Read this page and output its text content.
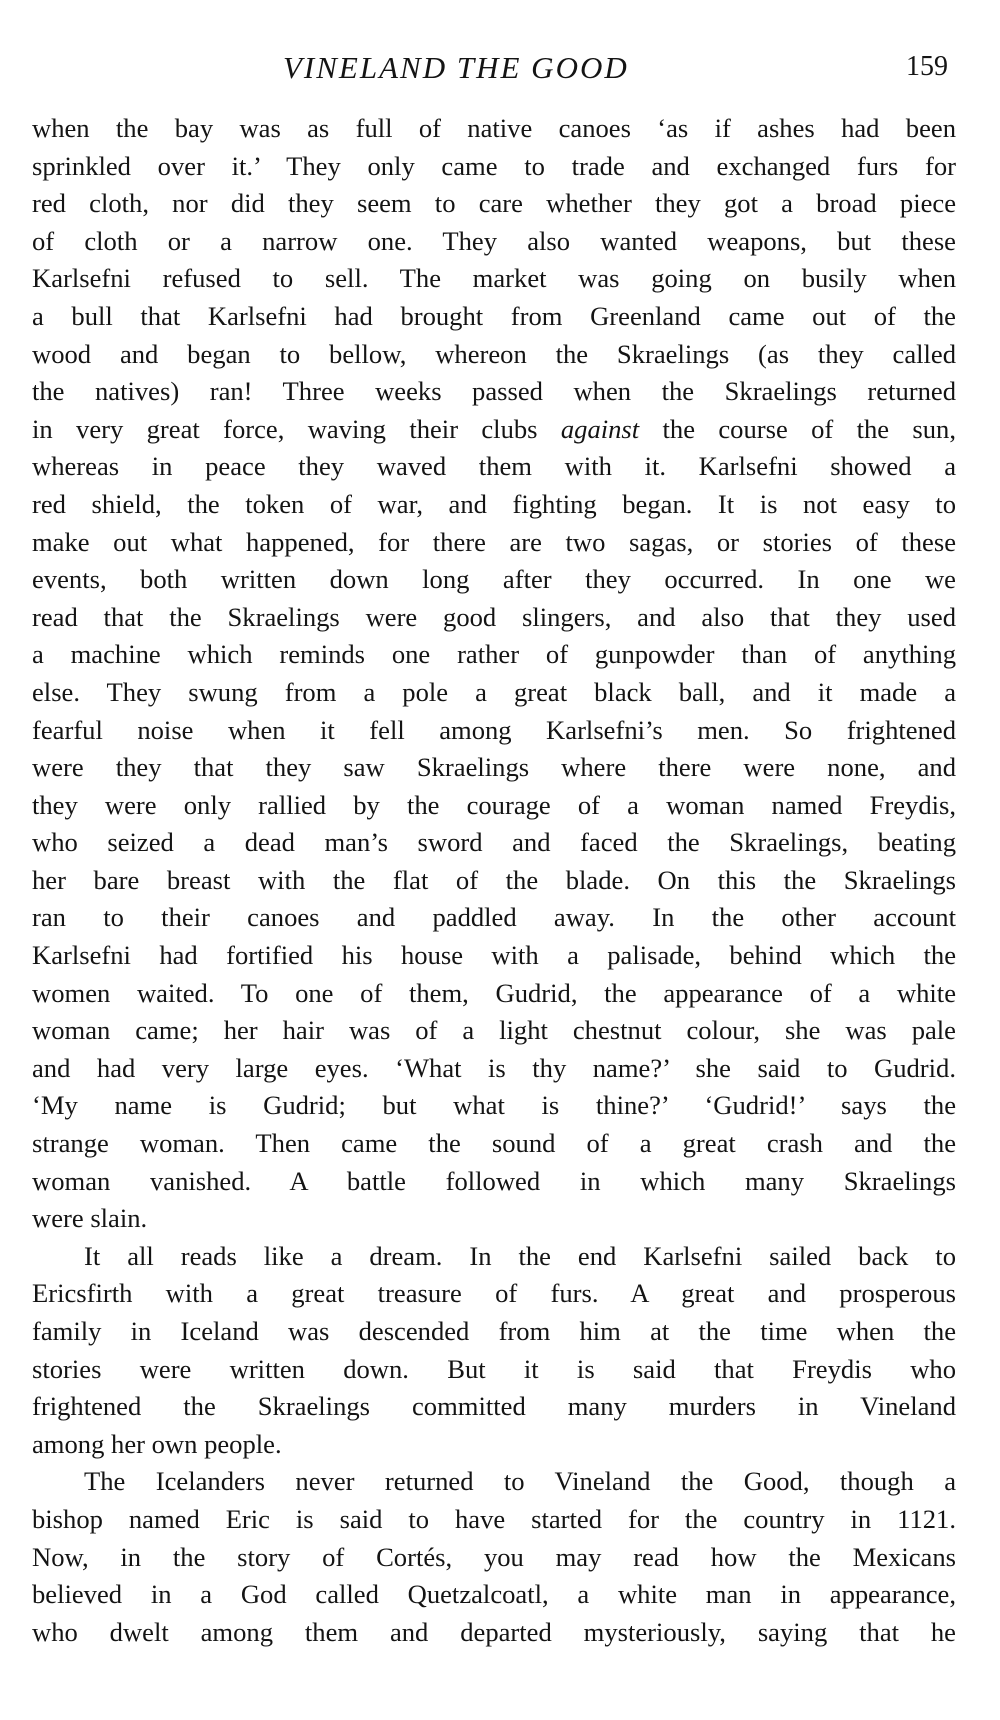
VINELAND THE GOOD	159
when the bay was as full of native canoes ‘as if ashes had been
sprinkled over it.’ They only came to trade and exchanged furs for
red cloth, nor did they seem to care whether they got a broad piece
of cloth or a narrow one. They also wanted weapons, but these
Karlsefni refused to sell. The market was going on busily when
a bull that Karlsefni had brought from Greenland came out of the
wood and began to bellow, whereon the Skraelings (as they called
the natives) ran! Three weeks passed when the Skraelings returned
in very great force, waving their clubs against the course of the sun,
whereas in peace they waved them with it. Karlsefni showed a
red shield, the token of war, and fighting began. It is not easy to
make out what happened, for there are two sagas, or stories of these
events, both written down long after they occurred. In one we
read that the Skraelings were good slingers, and also that they used
a machine which reminds one rather of gunpowder than of anything
else. They swung from a pole a great black ball, and it made a
fearful noise when it fell among Karlsefni’s men. So frightened
were they that they saw Skraelings where there were none, and
they were only rallied by the courage of a woman named Freydis,
who seized a dead man’s sword and faced the Skraelings, beating
her bare breast with the flat of the blade. On this the Skraelings
ran to their canoes and paddled away. In the other account
Karlsefni had fortified his house with a palisade, behind which the
women waited. To one of them, Gudrid, the appearance of a white
woman came; her hair was of a light chestnut colour, she was pale
and had very large eyes. ‘What is thy name?’ she said to Gudrid.
‘My name is Gudrid; but what is thine?’ ‘Gudrid!’ says the
strange woman. Then came the sound of a great crash and the
woman vanished. A battle followed in which many Skraelings
were slain.
It all reads like a dream. In the end Karlsefni sailed back to
Ericsfirth with a great treasure of furs. A great and prosperous
family in Iceland was descended from him at the time when the
stories were written down. But it is said that Freydis who
frightened the Skraelings committed many murders in Vineland
among her own people.
The Icelanders never returned to Vineland the Good, though a
bishop named Eric is said to have started for the country in 1121.
Now, in the story of Cortés, you may read how the Mexicans
believed in a God called Quetzalcoatl, a white man in appearance,
who dwelt among them and departed mysteriously, saying that he
